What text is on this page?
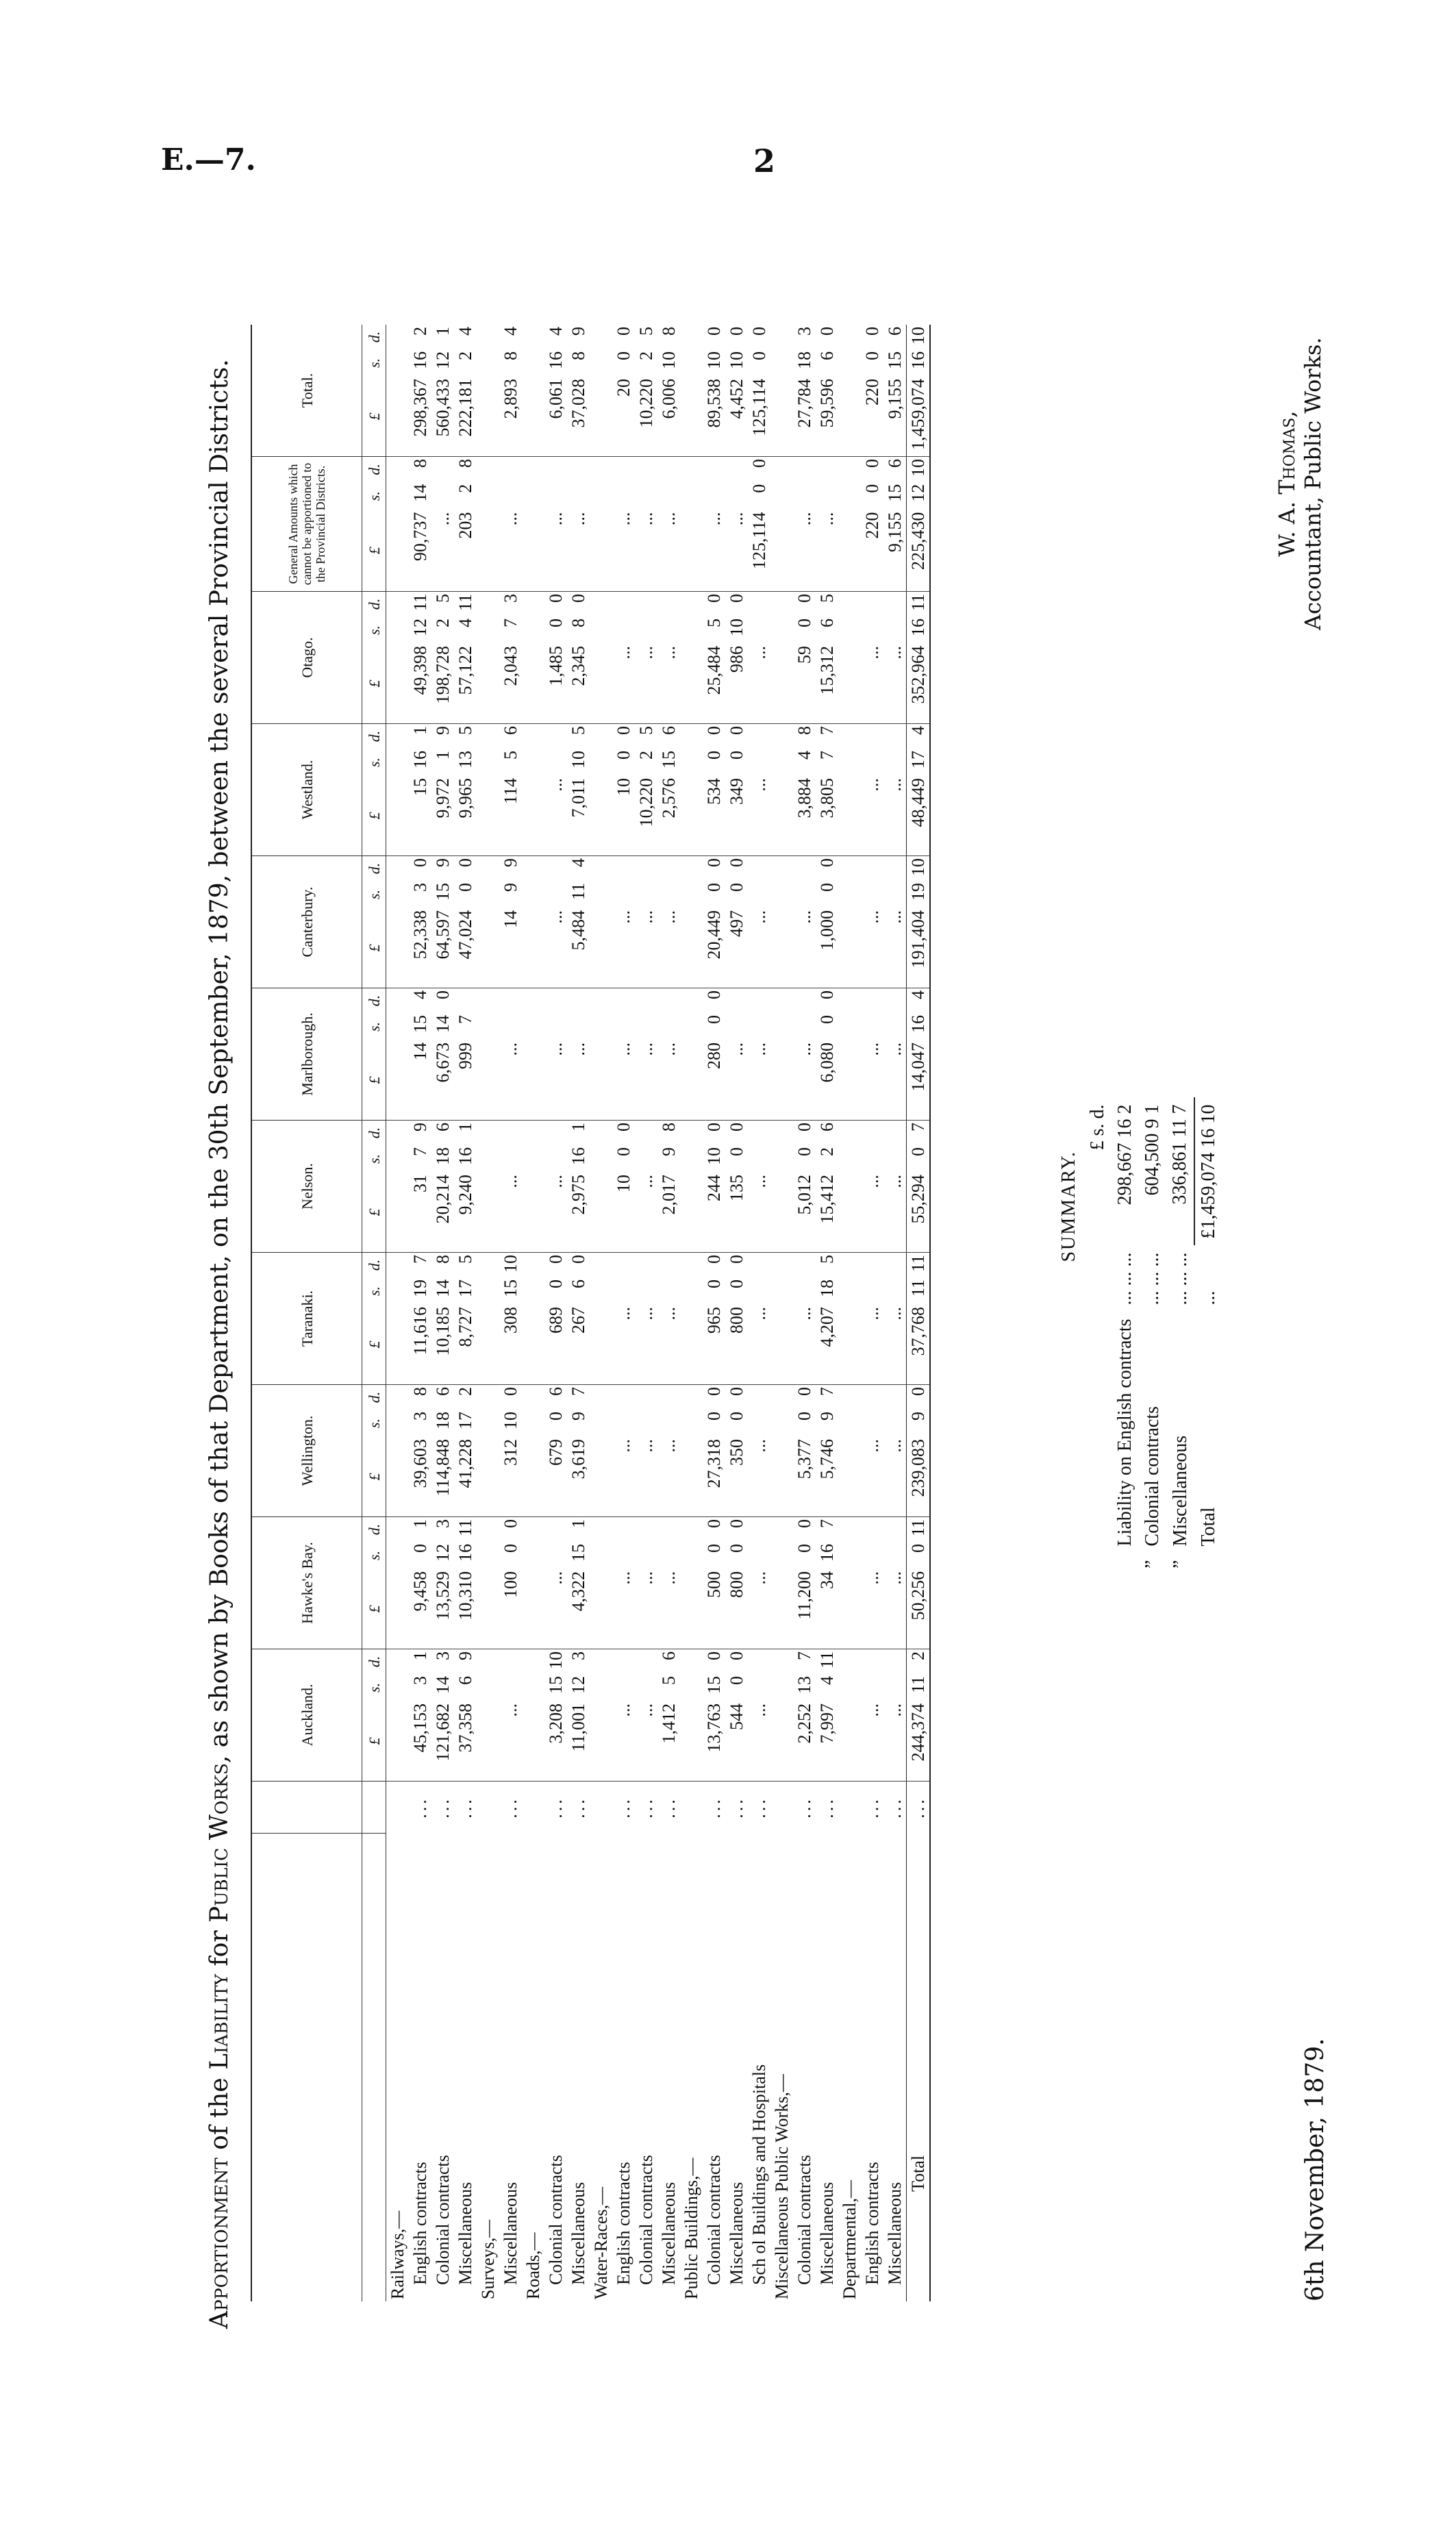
E.—7.	2
Apportionment of the Liability for Public Works, as shown by Books of that Department, on the 30th September, 1879, between the several Provincial Districts.
			Auckland.			Hawke's Bay.			Wellington.			Taranaki.			Nelson.			Marlborough.			Canterbury.			Westland.			Otago.			General Amounts which cannot be apportioned to the Provincial Districts.			Total.		
		£	s.	d.	£	s.	d.	£	s.	d.	£	s.	d.	£	s.	d.	£	s.	d.	£	s.	d.	£	s.	d.	£	s.	d.	£	s.	d.	£	s.	d.
Railways,—																																		
English contracts	...	45,153	3	1	9,458	0	1	39,603	3	8	11,616	19	7	31	7	9	14	15	4	52,338	3	0	15	16	1	49,398	12	11	90,737	14	8	298,367	16	2
Colonial contracts	...	121,682	14	3	13,529	12	3	114,848	18	6	10,185	14	8	20,214	18	6	6,673	14	0	64,597	15	9	9,972	1	9	198,728	2	5	...			560,433	12	1
Miscellaneous	...	37,358	6	9	10,310	16	11	41,228	17	2	8,727	17	5	9,240	16	1	999	7		47,024	0	0	9,965	13	5	57,122	4	11	203	2	8	222,181	2	4
Surveys,—																																		
Miscellaneous	...	...			100	0	0	312	10	0	308	15	10	...			...			14	9	9	114	5	6	2,043	7	3	...			2,893	8	4
Roads,—																																		
Colonial contracts	...	3,208	15	10	...			679	0	6	689	0	0	...			...			...			...			1,485	0	0	...			6,061	16	4
Miscellaneous	...	11,001	12	3	4,322	15	1	3,619	9	7	267	6	0	2,975	16	1	...			5,484	11	4	7,011	10	5	2,345	8	0	...			37,028	8	9
Water-Races,—																																		
English contracts	...	...			...			...			...			10	0	0	...			...			10	0	0	...			...			20	0	0
Colonial contracts	...	...			...			...			...			...			...			...			10,220	2	5	...			...			10,220	2	5
Miscellaneous	...	1,412	5	6	...			...			...			2,017	9	8	...			...			2,576	15	6	...			...			6,006	10	8
Public Buildings,—																																		
Colonial contracts	...	13,763	15	0	500	0	0	27,318	0	0	965	0	0	244	10	0	280	0	0	20,449	0	0	534	0	0	25,484	5	0	...			89,538	10	0
Miscellaneous	...	544	0	0	800	0	0	350	0	0	800	0	0	135	0	0	...			497	0	0	349	0	0	986	10	0	...			4,452	10	0
Sch ol Buildings and Hospitals	...	...			...			...			...			...			...			...			...			...			125,114	0	0	125,114	0	0
Miscellaneous Public Works,—																																		
Colonial contracts	...	2,252	13	7	11,200	0	0	5,377	0	0	...			5,012	0	0	...			...			3,884	4	8	59	0	0	...			27,784	18	3
Miscellaneous	...	7,997	4	11	34	16	7	5,746	9	7	4,207	18	5	15,412	2	6	6,080	0	0	1,000	0	0	3,805	7	7	15,312	6	5	...			59,596	6	0
Departmental,—																																		
English contracts	...	...			...			...			...			...			...			...			...			...			220	0	0	220	0	0
Miscellaneous	...	...			...			...			...			...			...			...			...			...			9,155	15	6	9,155	15	6
Total	...	244,374	11	2	50,256	0	11	239,083	9	0	37,768	11	11	55,294	0	7	14,047	16	4	191,404	19	10	48,449	17	4	352,964	16	11	225,430	12	10	1,459,074	16	10
SUMMARY.
			£ s. d.
	Liability on English contracts	... ... ...	298,667 16 2
”	Colonial contracts	... ... ...	604,500 9 1
”	Miscellaneous	... ... ...	336,861 11 7
	Total	...	£1,459,074 16 10
6th November, 1879.
W. A. Thomas, Accountant, Public Works.
